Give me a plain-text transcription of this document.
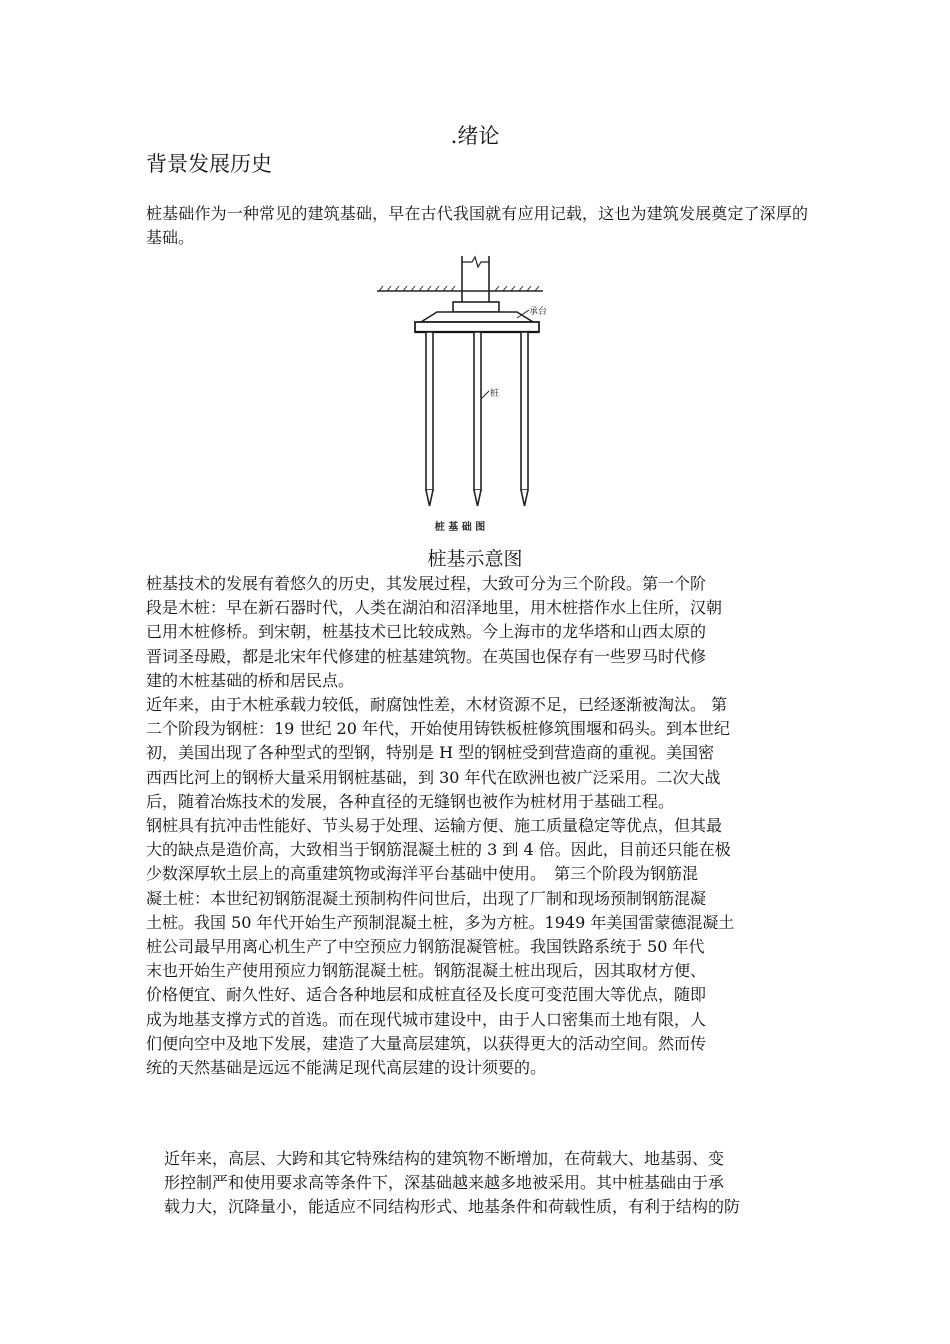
.绪论
背景发展历史

桩基础作为一种常见的建筑基础，早在古代我国就有应用记载，这也为建筑发展奠定了深厚的基础。

承台
桩
桩 基 础 图
桩基示意图
桩基技术的发展有着悠久的历史，其发展过程，大致可分为三个阶段。第一个阶
段是木桩：早在新石器时代，人类在湖泊和沼泽地里，用木桩搭作水上住所，汉朝
已用木桩修桥。到宋朝，桩基技术已比较成熟。今上海市的龙华塔和山西太原的
晋词圣母殿，都是北宋年代修建的桩基建筑物。在英国也保存有一些罗马时代修
建的木桩基础的桥和居民点。
近年来，由于木桩承载力较低，耐腐蚀性差，木材资源不足，已经逐渐被淘汰。 第
二个阶段为钢桩：19 世纪 20 年代，开始使用铸铁板桩修筑围堰和码头。到本世纪
初，美国出现了各种型式的型钢，特别是 H 型的钢桩受到营造商的重视。美国密
西西比河上的钢桥大量采用钢桩基础，到 30 年代在欧洲也被广泛采用。二次大战
后，随着冶炼技术的发展，各种直径的无缝钢也被作为桩材用于基础工程。
钢桩具有抗冲击性能好、节头易于处理、运输方便、施工质量稳定等优点，但其最
大的缺点是造价高，大致相当于钢筋混凝土桩的 3 到 4 倍。因此，目前还只能在极
少数深厚软土层上的高重建筑物或海洋平台基础中使用。　第三个阶段为钢筋混
凝土桩：本世纪初钢筋混凝土预制构件问世后，出现了厂制和现场预制钢筋混凝
土桩。我国 50 年代开始生产预制混凝土桩，多为方桩。1949 年美国雷蒙德混凝土
桩公司最早用离心机生产了中空预应力钢筋混凝管桩。我国铁路系统于 50 年代
末也开始生产使用预应力钢筋混凝土桩。钢筋混凝土桩出现后，因其取材方便、
价格便宜、耐久性好、适合各种地层和成桩直径及长度可变范围大等优点，随即
成为地基支撑方式的首选。而在现代城市建设中，由于人口密集而土地有限，人
们便向空中及地下发展，建造了大量高层建筑，以获得更大的活动空间。然而传
统的天然基础是远远不能满足现代高层建的设计须要的。
近年来，高层、大跨和其它特殊结构的建筑物不断增加，在荷载大、地基弱、变
形控制严和使用要求高等条件下，深基础越来越多地被采用。其中桩基础由于承
载力大，沉降量小，能适应不同结构形式、地基条件和荷载性质，有利于结构的防
